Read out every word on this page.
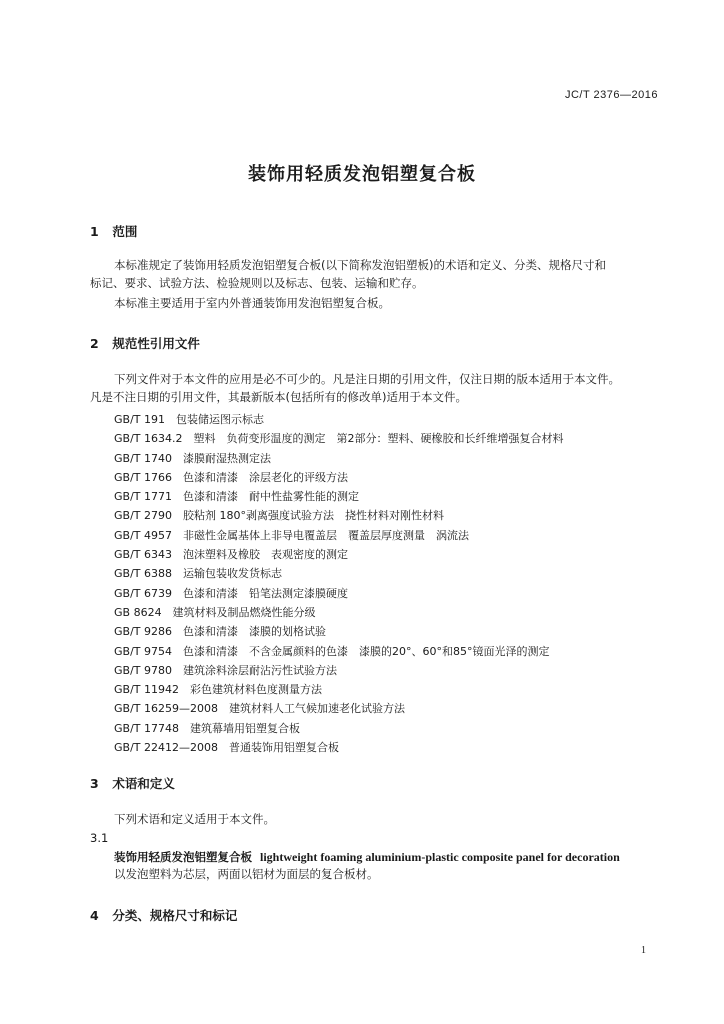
JC/T 2376—2016
装饰用轻质发泡铝塑复合板
1 范围
本标准规定了装饰用轻质发泡铝塑复合板(以下简称发泡铝塑板)的术语和定义、分类、规格尺寸和
标记、要求、试验方法、检验规则以及标志、包装、运输和贮存。
本标准主要适用于室内外普通装饰用发泡铝塑复合板。
2 规范性引用文件
下列文件对于本文件的应用是必不可少的。凡是注日期的引用文件，仅注日期的版本适用于本文件。
凡是不注日期的引用文件，其最新版本(包括所有的修改单)适用于本文件。
GB/T 191　包装储运图示标志
GB/T 1634.2　塑料　负荷变形温度的测定　第2部分：塑料、硬橡胶和长纤维增强复合材料
GB/T 1740　漆膜耐湿热测定法
GB/T 1766　色漆和清漆　涂层老化的评级方法
GB/T 1771　色漆和清漆　耐中性盐雾性能的测定
GB/T 2790　胶粘剂 180°剥离强度试验方法　挠性材料对刚性材料
GB/T 4957　非磁性金属基体上非导电覆盖层　覆盖层厚度测量　涡流法
GB/T 6343　泡沫塑料及橡胶　表观密度的测定
GB/T 6388　运输包装收发货标志
GB/T 6739　色漆和清漆　铅笔法测定漆膜硬度
GB 8624　建筑材料及制品燃烧性能分级
GB/T 9286　色漆和清漆　漆膜的划格试验
GB/T 9754　色漆和清漆　不含金属颜料的色漆　漆膜的20°、60°和85°镜面光泽的测定
GB/T 9780　建筑涂料涂层耐沾污性试验方法
GB/T 11942　彩色建筑材料色度测量方法
GB/T 16259—2008　建筑材料人工气候加速老化试验方法
GB/T 17748　建筑幕墙用铝塑复合板
GB/T 22412—2008　普通装饰用铝塑复合板
3 术语和定义
下列术语和定义适用于本文件。
3.1
装饰用轻质发泡铝塑复合板 lightweight foaming aluminium-plastic composite panel for decoration
以发泡塑料为芯层，两面以铝材为面层的复合板材。
4 分类、规格尺寸和标记
1
